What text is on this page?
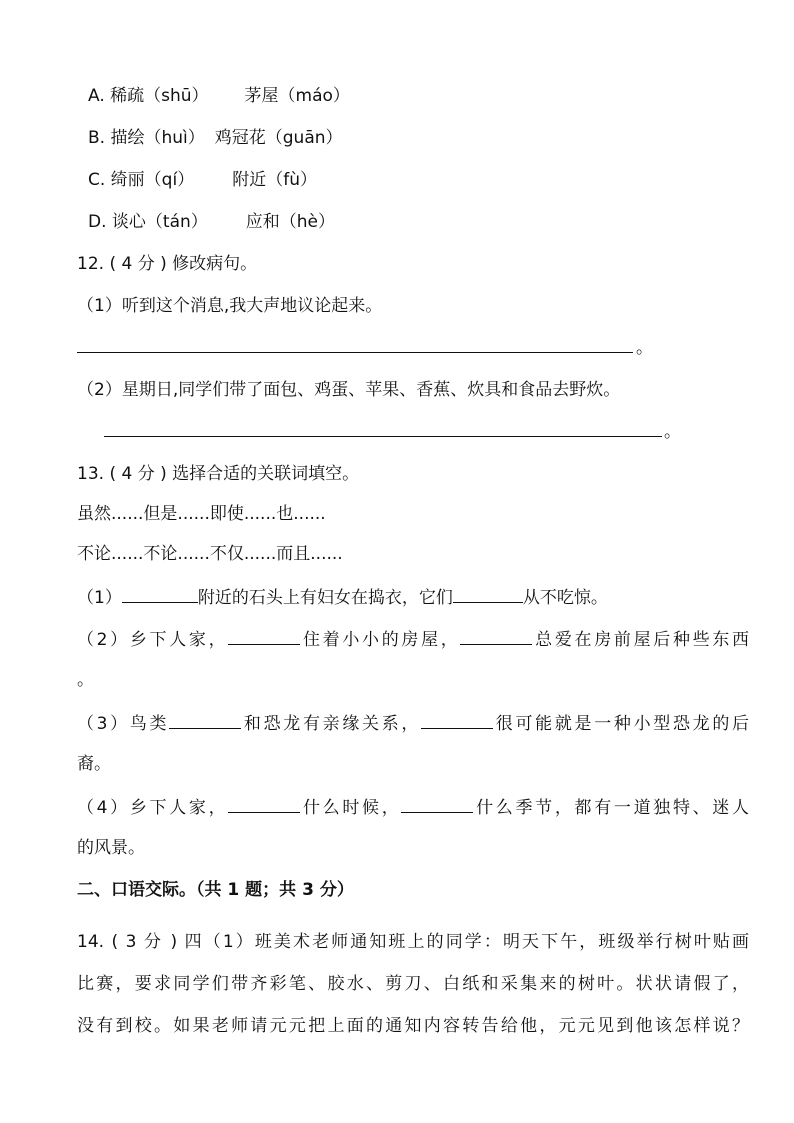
A. 稀疏（shū） 茅屋（máo）
B. 描绘（huì） 鸡冠花（guān）
C. 绮丽（qí） 附近（fù）
D. 谈心（tán） 应和（hè）
12. ( 4 分 ) 修改病句。
（1）听到这个消息,我大声地议论起来。
。
（2）星期日,同学们带了面包、鸡蛋、苹果、香蕉、炊具和食品去野炊。
。
13. ( 4 分 ) 选择合适的关联词填空。
虽然......但是......即使......也......
不论......不论......不仅......而且......
（1）	附近的石头上有妇女在捣衣，它们	从不吃惊。
（2）乡下人家，	住着小小的房屋，	总爱在房前屋后种些东西
。
（3）鸟类	和恐龙有亲缘关系，	很可能就是一种小型恐龙的后
裔。
（4）乡下人家，	什么时候，	什么季节，都有一道独特、迷人
的风景。
二、口语交际。（共 1 题；共 3 分）
14. ( 3 分 ) 四（1）班美术老师通知班上的同学：明天下午，班级举行树叶贴画
比赛，要求同学们带齐彩笔、胶水、剪刀、白纸和采集来的树叶。状状请假了，
没有到校。如果老师请元元把上面的通知内容转告给他，元元见到他该怎样说？
